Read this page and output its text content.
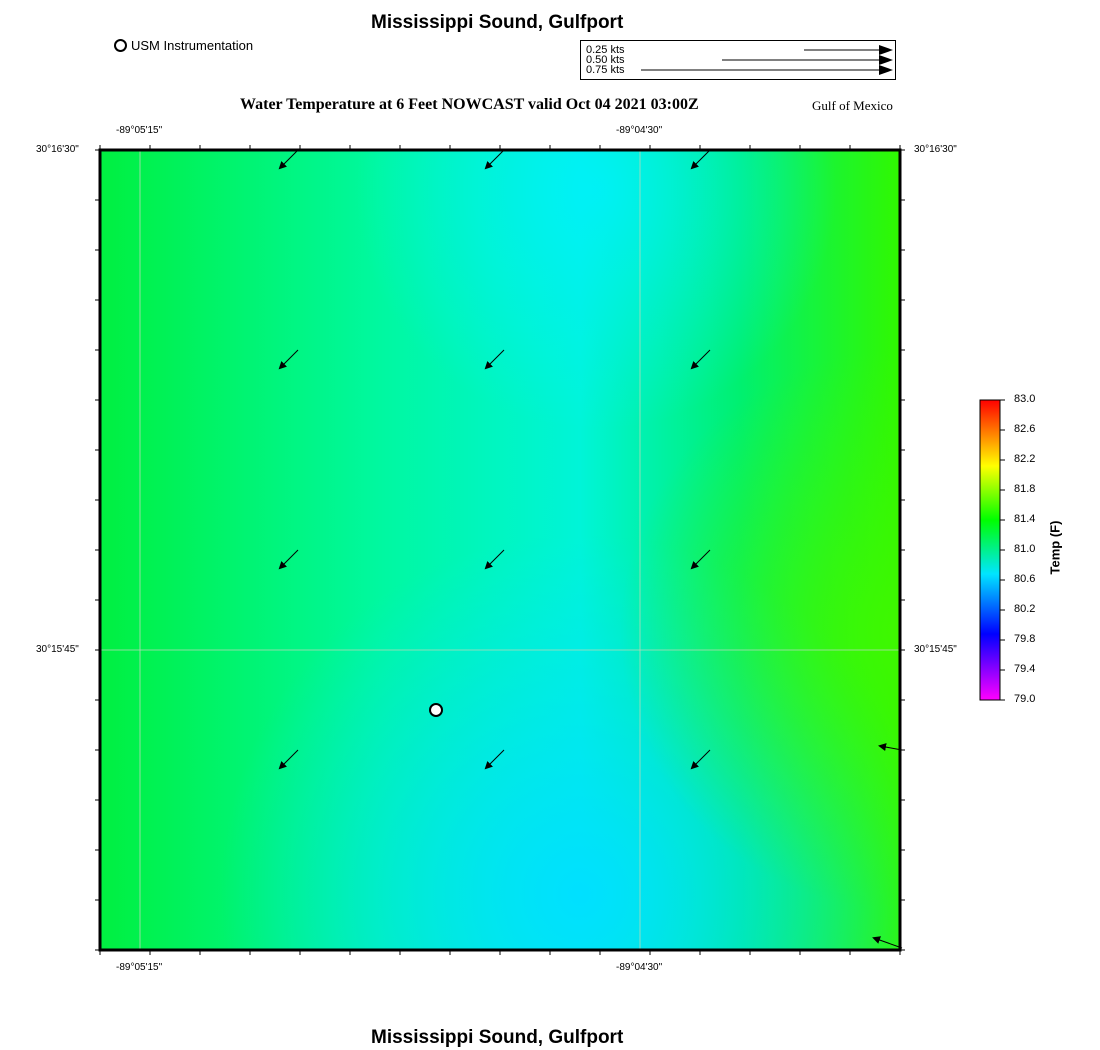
Mississippi Sound, Gulfport
USM Instrumentation	0.25 kts
0.50 kts
0.75 kts
Water Temperature at 6 Feet NOWCAST valid Oct 04 2021 03:00Z	Gulf of Mexico
-89°05'15"	-89°04'30"
-89°05'15"	-89°04'30"
30°16'30"
30°15'45"
30°16'30"
30°15'45"
83.0
82.6
82.2
81.8
81.4
81.0
80.6
80.2
79.8
79.4
79.0
Temp (F)
Mississippi Sound, Gulfport
